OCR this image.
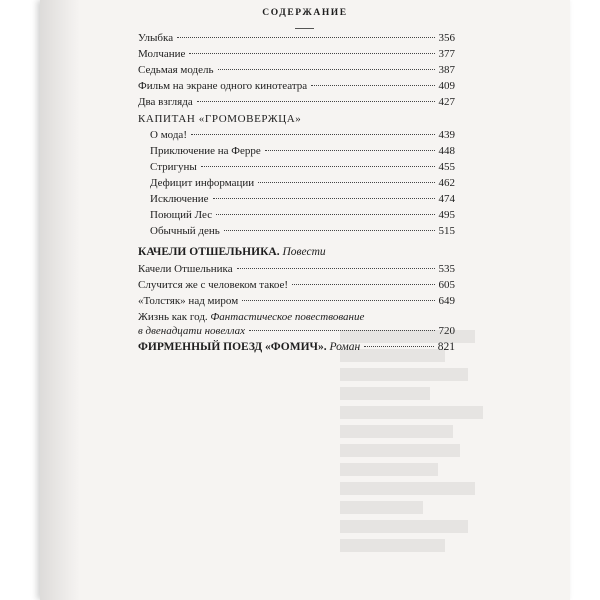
СОДЕРЖАНИЕ
Улыбка	356
Молчание	377
Седьмая модель	387
Фильм на экране одного кинотеатра	409
Два взгляда	427
КАПИТАН «ГРОМОВЕРЖЦА»
О мода!	439
Приключение на Ферре	448
Стригуны	455
Дефицит информации	462
Исключение	474
Поющий Лес	495
Обычный день	515
КАЧЕЛИ ОТШЕЛЬНИКА. Повести
Качели Отшельника	535
Случится же с человеком такое!	605
«Толстяк» над миром	649
Жизнь как год. Фантастическое повествование
в двенадцати новеллах	720
ФИРМЕННЫЙ ПОЕЗД «ФОМИЧ». Роман	821
